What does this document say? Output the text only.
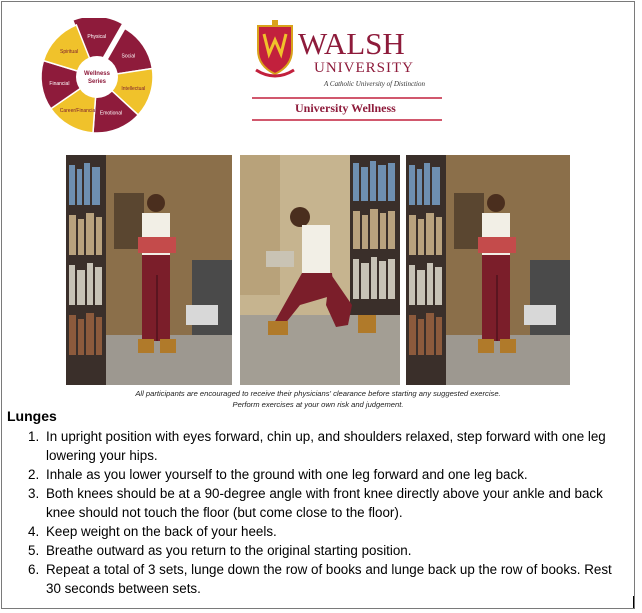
Wellness
Series
Physical
Social
Intellectual
Emotional
Career/Financial
Financial
Spiritual	WALSH
UNIVERSITY
A Catholic University of Distinction
University Wellness
All participants are encouraged to receive their physicians' clearance before starting any suggested exercise.
Perform exercises at your own risk and judgement.
Lunges
1. In upright position with eyes forward, chin up, and shoulders relaxed, step forward with one leg lowering your hips.
2. Inhale as you lower yourself to the ground with one leg forward and one leg back.
3. Both knees should be at a 90-degree angle with front knee directly above your ankle and back knee should not touch the floor (but come close to the floor).
4. Keep weight on the back of your heels.
5. Breathe outward as you return to the original starting position.
6. Repeat a total of 3 sets, lunge down the row of books and lunge back up the row of books. Rest 30 seconds between sets.
